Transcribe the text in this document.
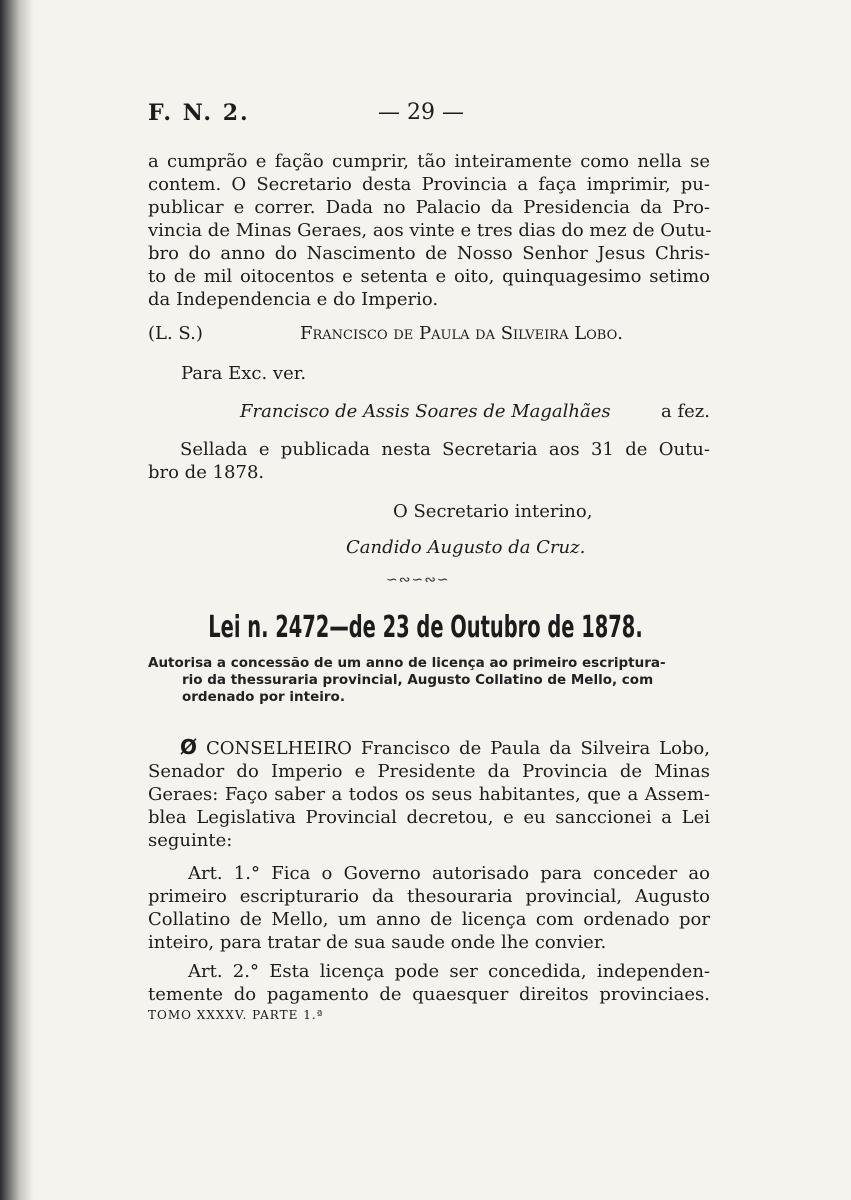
F. N. 2.	— 29 —
a cumprão e fação cumprir, tão inteiramente como nella se
contem. O Secretario desta Provincia a faça imprimir, pu-
publicar e correr. Dada no Palacio da Presidencia da Pro-
vincia de Minas Geraes, aos vinte e tres dias do mez de Outu-
bro do anno do Nascimento de Nosso Senhor Jesus Chris-
to de mil oitocentos e setenta e oito, quinquagesimo setimo
da Independencia e do Imperio.
(L. S.)	Francisco de Paula da Silveira Lobo.
Para Exc. ver.
Francisco de Assis Soares de Magalhães	a fez.
Sellada e publicada nesta Secretaria aos 31 de Outu-
bro de 1878.
O Secretario interino,
Candido Augusto da Cruz.
∽∾∽∾∽
Lei n. 2472—de 23 de Outubro de 1878.
Autorisa a concessão de um anno de licença ao primeiro escriptura-
rio da thessuraria provincial, Augusto Collatino de Mello, com
ordenado por inteiro.
Ø CONSELHEIRO Francisco de Paula da Silveira Lobo,
Senador do Imperio e Presidente da Provincia de Minas
Geraes: Faço saber a todos os seus habitantes, que a Assem-
blea Legislativa Provincial decretou, e eu sanccionei a Lei
seguinte:
Art. 1.° Fica o Governo autorisado para conceder ao
primeiro escripturario da thesouraria provincial, Augusto
Collatino de Mello, um anno de licença com ordenado por
inteiro, para tratar de sua saude onde lhe convier.
Art. 2.° Esta licença pode ser concedida, independen-
temente do pagamento de quaesquer direitos provinciaes.
TOMO XXXXV. PARTE 1.ª
